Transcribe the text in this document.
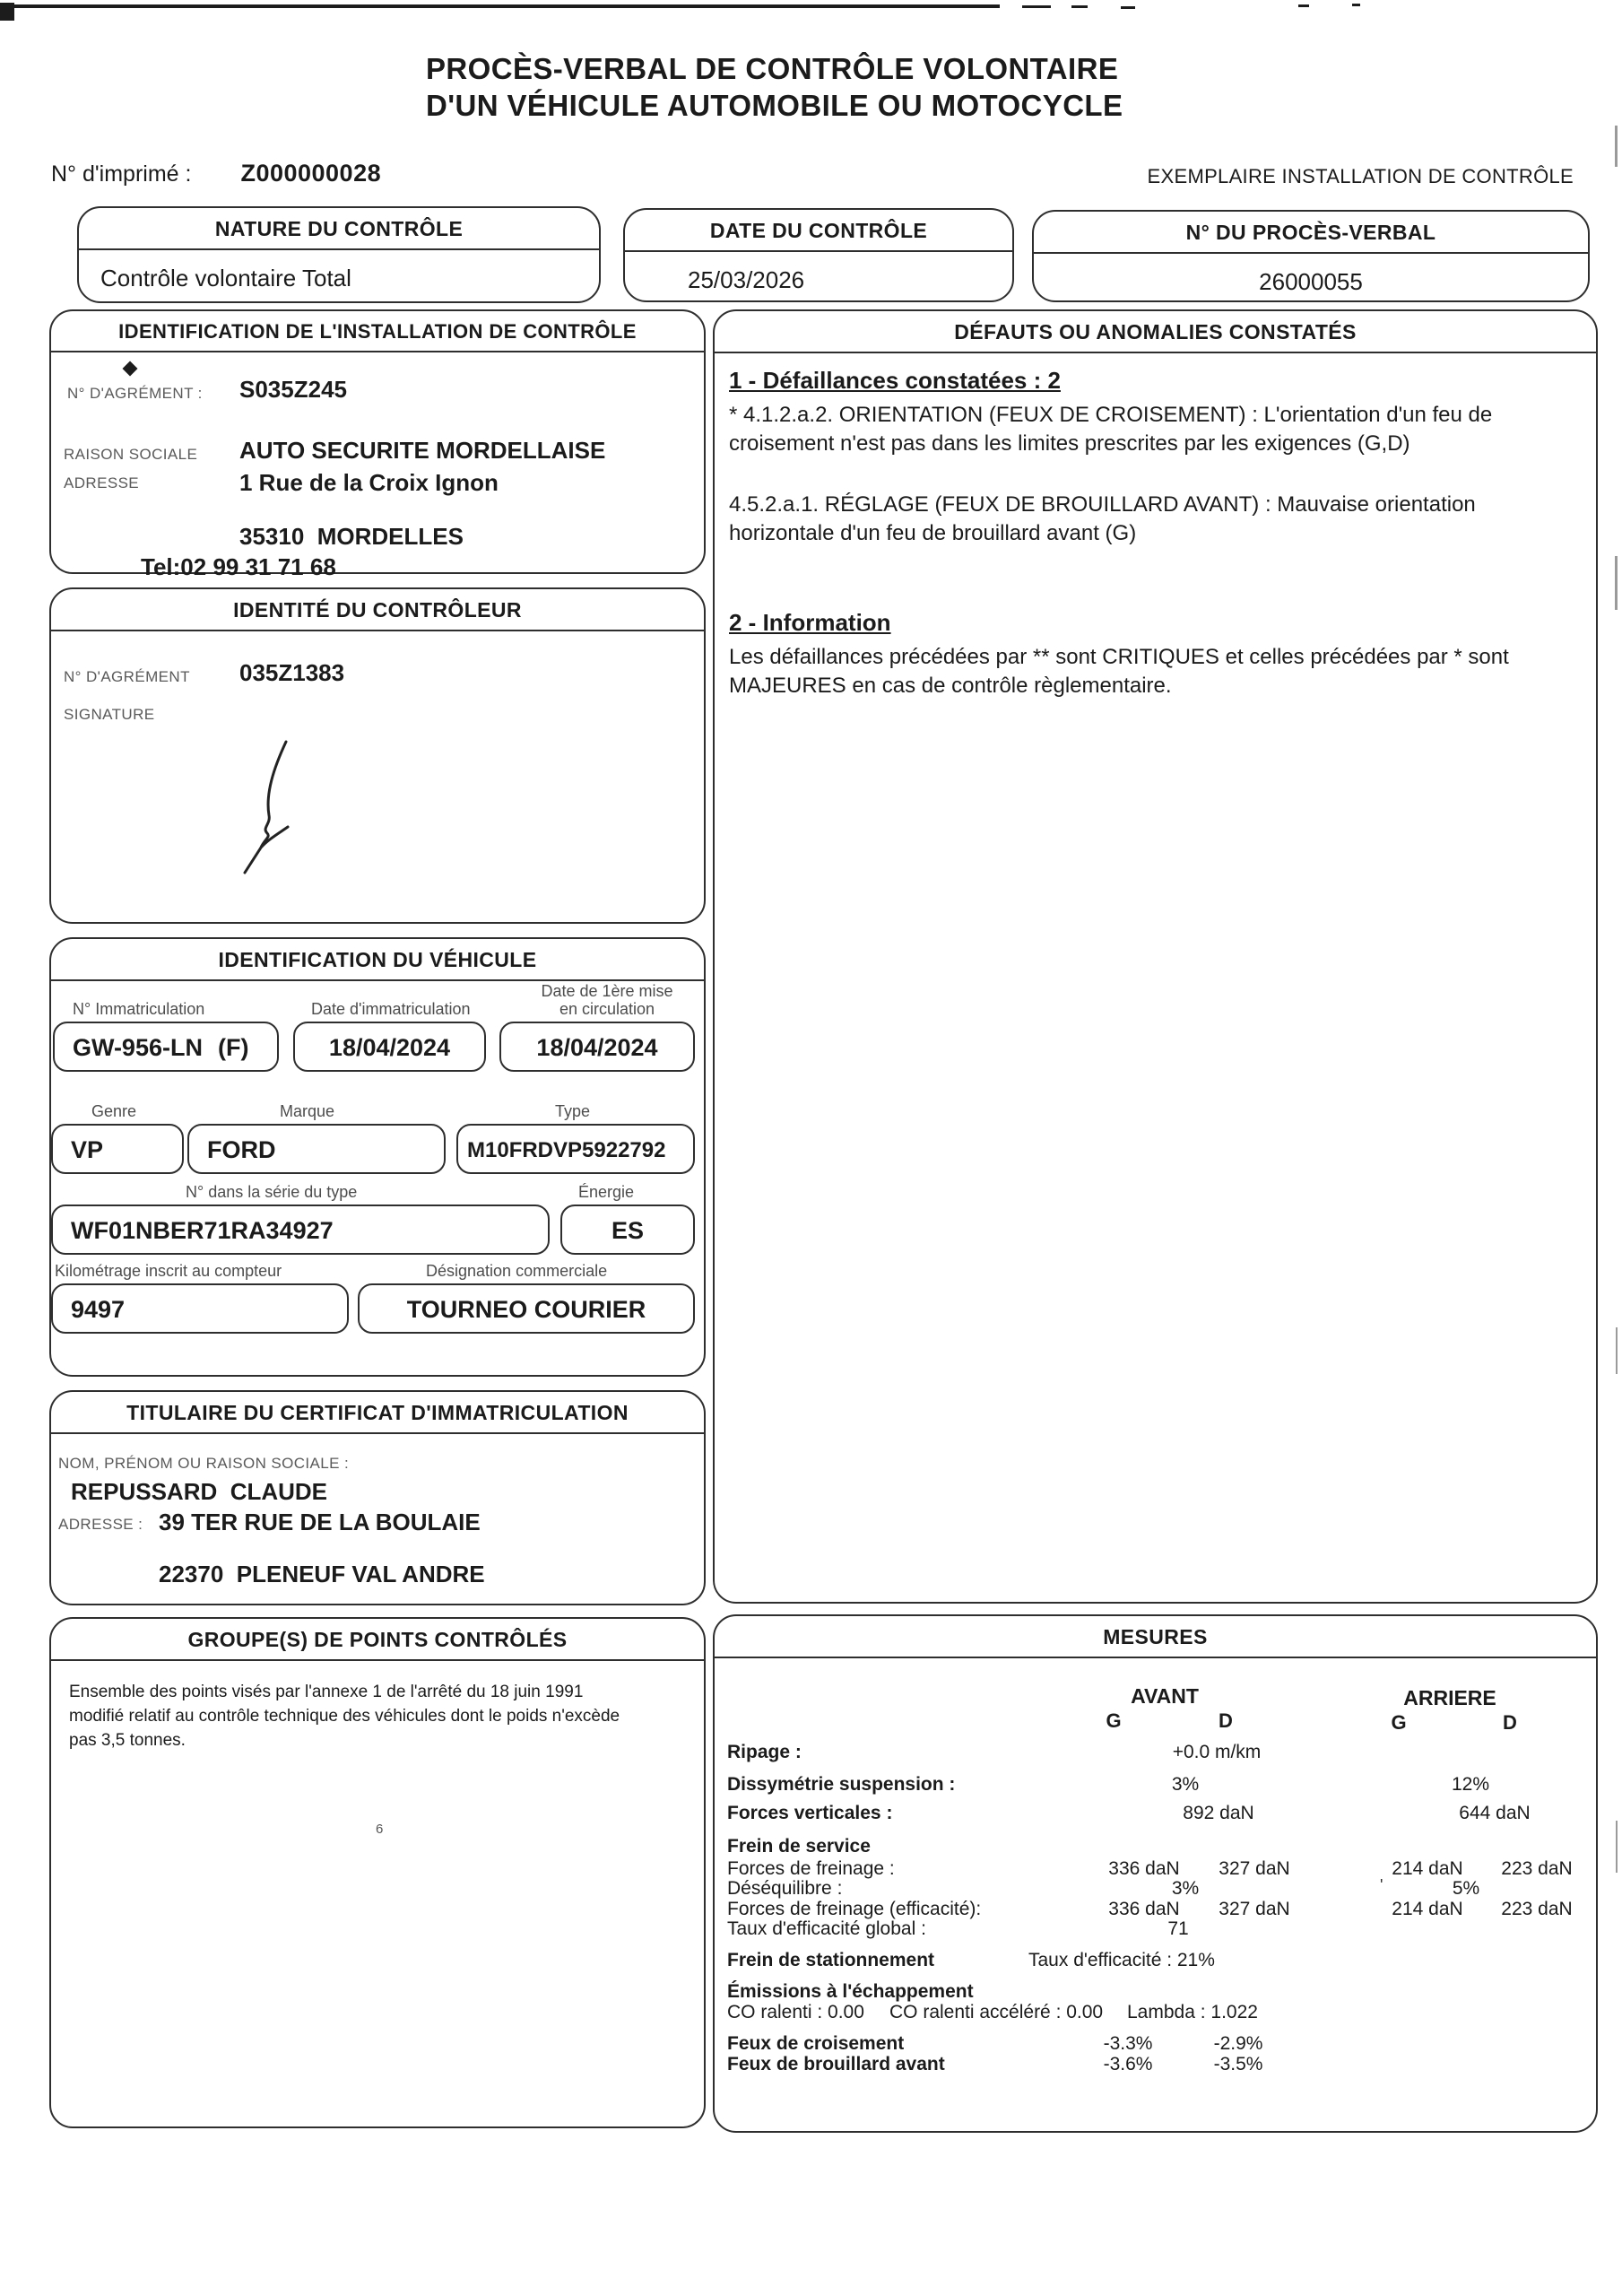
PROCÈS-VERBAL DE CONTRÔLE VOLONTAIRE
D'UN VÉHICULE AUTOMOBILE OU MOTOCYCLE
N° d'imprimé : Z000000028	EXEMPLAIRE INSTALLATION DE CONTRÔLE
NATURE DU CONTRÔLE
Contrôle volontaire Total
DATE DU CONTRÔLE
25/03/2026
N° DU PROCÈS-VERBAL
26000055
IDENTIFICATION DE L'INSTALLATION DE CONTRÔLE
N° D'AGRÉMENT : S035Z245
RAISON SOCIALE AUTO SECURITE MORDELLAISE
ADRESSE	1 Rue de la Croix Ignon
35310  MORDELLES
Tel:02 99 31 71 68
DÉFAUTS OU ANOMALIES CONSTATÉS
1 - Défaillances constatées : 2
* 4.1.2.a.2. ORIENTATION (FEUX DE CROISEMENT) : L'orientation d'un feu de croisement n'est pas dans les limites prescrites par les exigences (G,D)
4.5.2.a.1. RÉGLAGE (FEUX DE BROUILLARD AVANT) : Mauvaise orientation horizontale d'un feu de brouillard avant (G)
2 - Information
Les défaillances précédées par ** sont CRITIQUES et celles précédées par * sont MAJEURES en cas de contrôle règlementaire.
IDENTITÉ DU CONTRÔLEUR
N° D'AGRÉMENT 035Z1383
SIGNATURE
IDENTIFICATION DU VÉHICULE
N° Immatriculation	Date d'immatriculation
Date de 1ère mise
en circulation
GW-956-LN (F)	18/04/2024	18/04/2024
Genre	Marque	Type
VP	FORD	M10FRDVP5922792
N° dans la série du type	Énergie
WF01NBER71RA34927	ES
Kilométrage inscrit au compteur	Désignation commerciale
9497	TOURNEO COURIER
TITULAIRE DU CERTIFICAT D'IMMATRICULATION
NOM, PRÉNOM OU RAISON SOCIALE :
REPUSSARD  CLAUDE
ADRESSE : 39 TER RUE DE LA BOULAIE
22370  PLENEUF VAL ANDRE
GROUPE(S) DE POINTS CONTRÔLÉS
Ensemble des points visés par l'annexe 1 de l'arrêté du 18 juin 1991 modifié relatif au contrôle technique des véhicules dont le poids n'excède pas 3,5 tonnes.
6
MESURES
AVANT	ARRIERE
G	D	G	D
Ripage :	+0.0 m/km
Dissymétrie suspension :	3%	12%
Forces verticales :	892 daN	644 daN
Frein de service
Forces de freinage :	336 daN 327 daN	214 daN 223 daN
Déséquilibre :	3%	'	5%
Forces de freinage (efficacité):	336 daN 327 daN	214 daN 223 daN
Taux d'efficacité global :	71
Frein de stationnement	Taux d'efficacité : 21%
Émissions à l'échappement
CO ralenti : 0.00 CO ralenti accéléré : 0.00 Lambda : 1.022
Feux de croisement	-3.3%	-2.9%
Feux de brouillard avant	-3.6%	-3.5%
